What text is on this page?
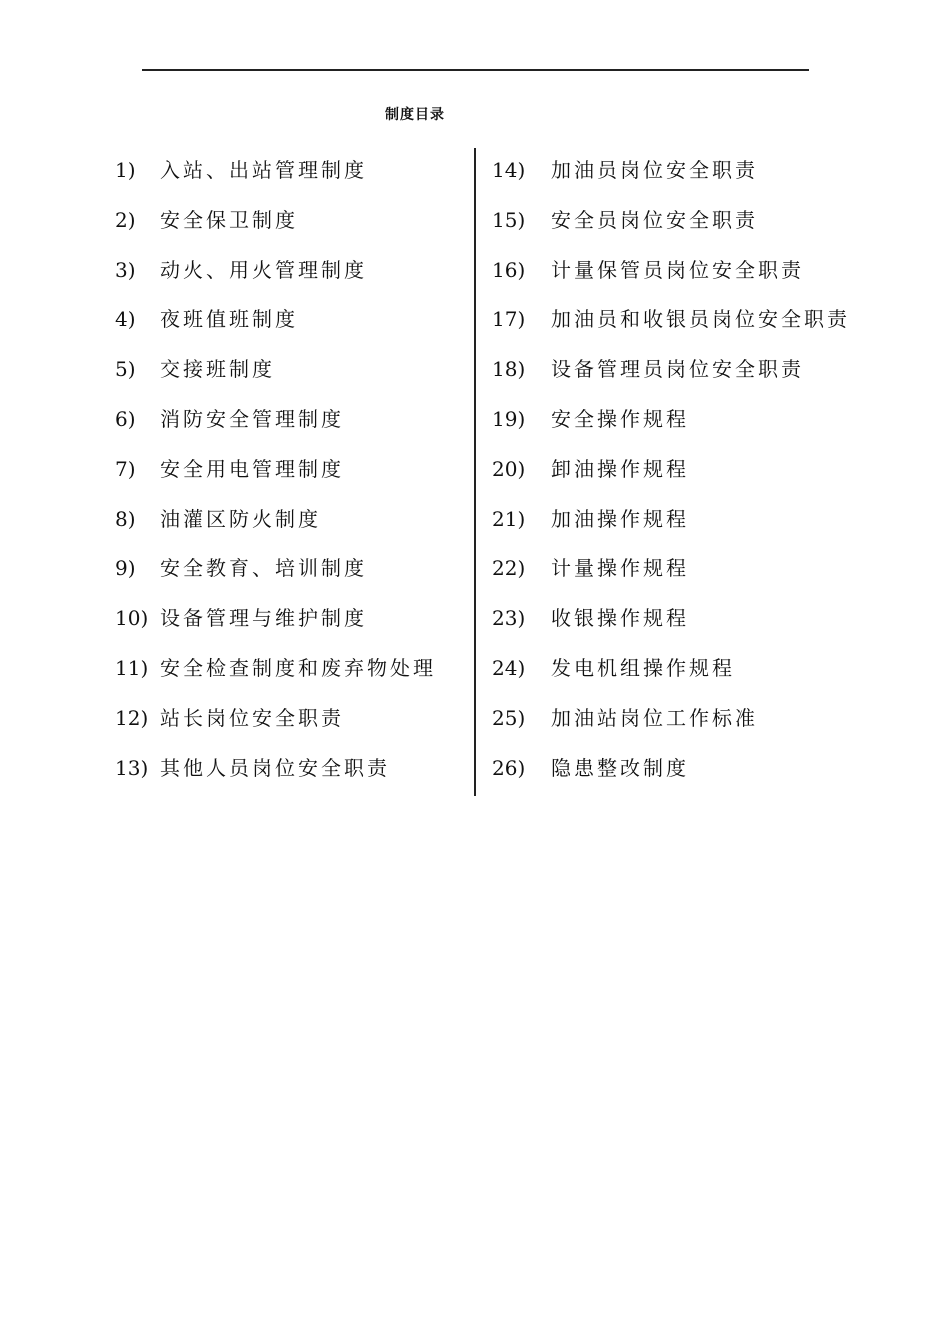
制度目录
1) 入站、出站管理制度
2) 安全保卫制度
3) 动火、用火管理制度
4) 夜班值班制度
5) 交接班制度
6) 消防安全管理制度
7) 安全用电管理制度
8) 油灌区防火制度
9) 安全教育、培训制度
10) 设备管理与维护制度
11) 安全检查制度和废弃物处理
12) 站长岗位安全职责
13) 其他人员岗位安全职责
14) 加油员岗位安全职责
15) 安全员岗位安全职责
16) 计量保管员岗位安全职责
17) 加油员和收银员岗位安全职责
18) 设备管理员岗位安全职责
19) 安全操作规程
20) 卸油操作规程
21) 加油操作规程
22) 计量操作规程
23) 收银操作规程
24) 发电机组操作规程
25) 加油站岗位工作标准
26) 隐患整改制度
